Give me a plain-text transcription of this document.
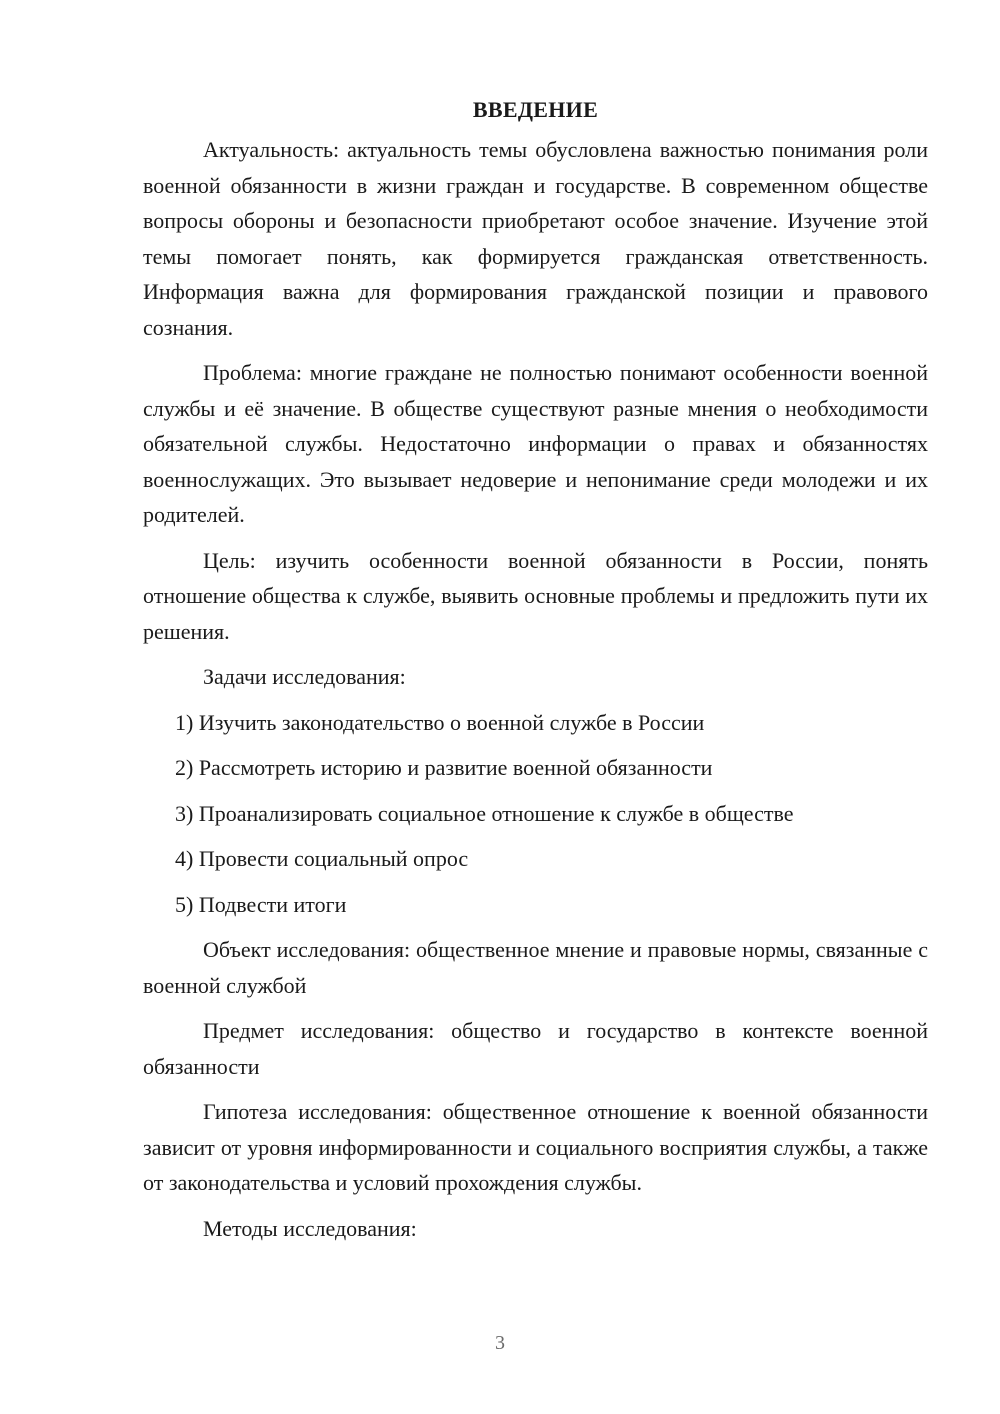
ВВЕДЕНИЕ

Актуальность: актуальность темы обусловлена важностью понимания роли военной обязанности в жизни граждан и государстве. В современном обществе вопросы обороны и безопасности приобретают особое значение. Изучение этой темы помогает понять, как формируется гражданская ответственность. Информация важна для формирования гражданской позиции и правового сознания.

Проблема: многие граждане не полностью понимают особенности военной службы и её значение. В обществе существуют разные мнения о необходимости обязательной службы. Недостаточно информации о правах и обязанностях военнослужащих. Это вызывает недоверие и непонимание среди молодежи и их родителей.

Цель: изучить особенности военной обязанности в России, понять отношение общества к службе, выявить основные проблемы и предложить пути их решения.

Задачи исследования:

1) Изучить законодательство о военной службе в России
2) Рассмотреть историю и развитие военной обязанности
3) Проанализировать социальное отношение к службе в обществе
4) Провести социальный опрос
5) Подвести итоги

Объект исследования: общественное мнение и правовые нормы, связанные с военной службой

Предмет исследования: общество и государство в контексте военной обязанности

Гипотеза исследования: общественное отношение к военной обязанности зависит от уровня информированности и социального восприятия службы, а также от законодательства и условий прохождения службы.

Методы исследования:

3
